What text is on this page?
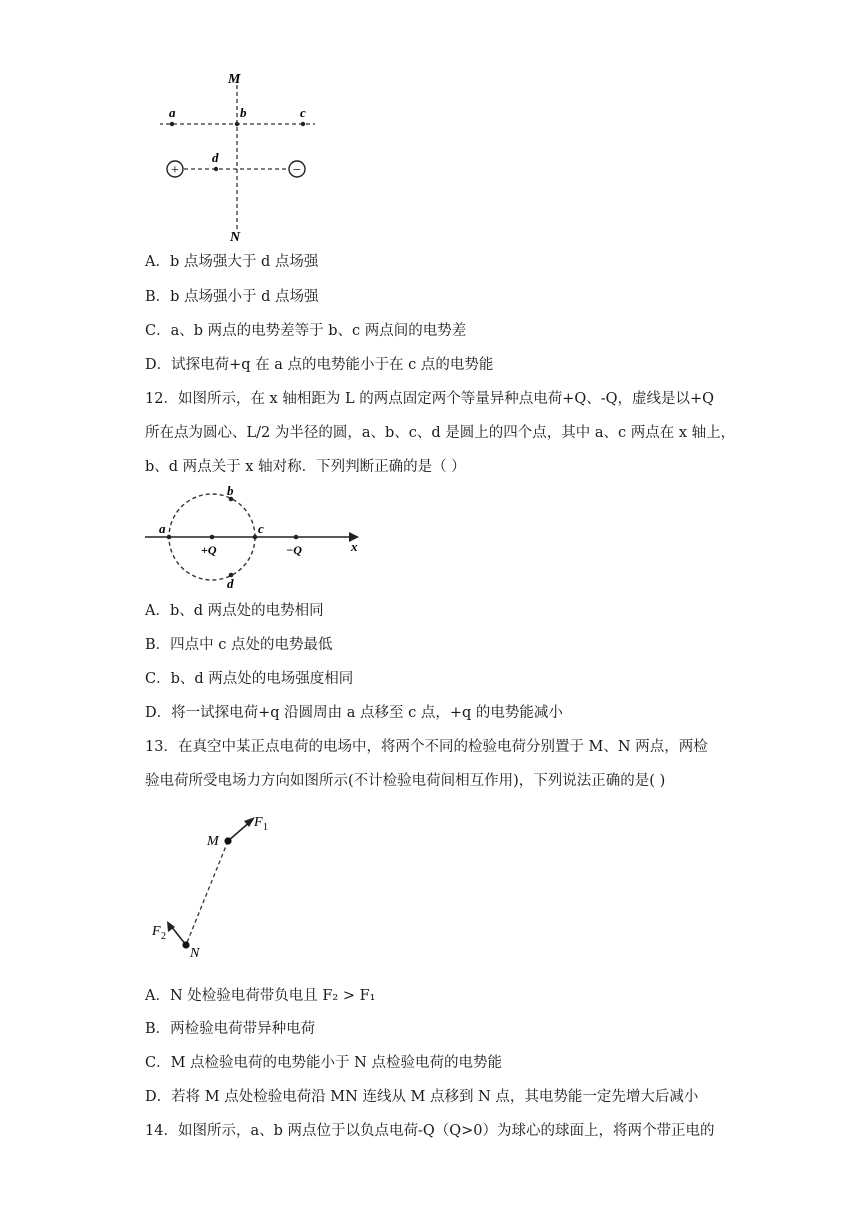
+	−
M
N
a	b	c
d
A．b 点场强大于 d 点场强
B．b 点场强小于 d 点场强
C．a、b 两点的电势差等于 b、c 两点间的电势差
D．试探电荷+q 在 a 点的电势能小于在 c 点的电势能
12．如图所示，在 x 轴相距为 L 的两点固定两个等量异种点电荷+Q、-Q，虚线是以+Q
所在点为圆心、L/2 为半径的圆，a、b、c、d 是圆上的四个点，其中 a、c 两点在 x 轴上，
b、d 两点关于 x 轴对称．下列判断正确的是（ ）
a
b
c
d
+Q	−Q	x
A．b、d 两点处的电势相同
B．四点中 c 点处的电势最低
C．b、d 两点处的电场强度相同
D．将一试探电荷+q 沿圆周由 a 点移至 c 点，+q 的电势能减小
13．在真空中某正点电荷的电场中，将两个不同的检验电荷分别置于 M、N 两点，两检
验电荷所受电场力方向如图所示(不计检验电荷间相互作用)，下列说法正确的是( )
M
N
F 1
F 2
A．N 处检验电荷带负电且 F₂ > F₁
B．两检验电荷带异种电荷
C．M 点检验电荷的电势能小于 N 点检验电荷的电势能
D．若将 M 点处检验电荷沿 MN 连线从 M 点移到 N 点，其电势能一定先增大后减小
14．如图所示，a、b 两点位于以负点电荷-Q（Q>0）为球心的球面上，将两个带正电的
